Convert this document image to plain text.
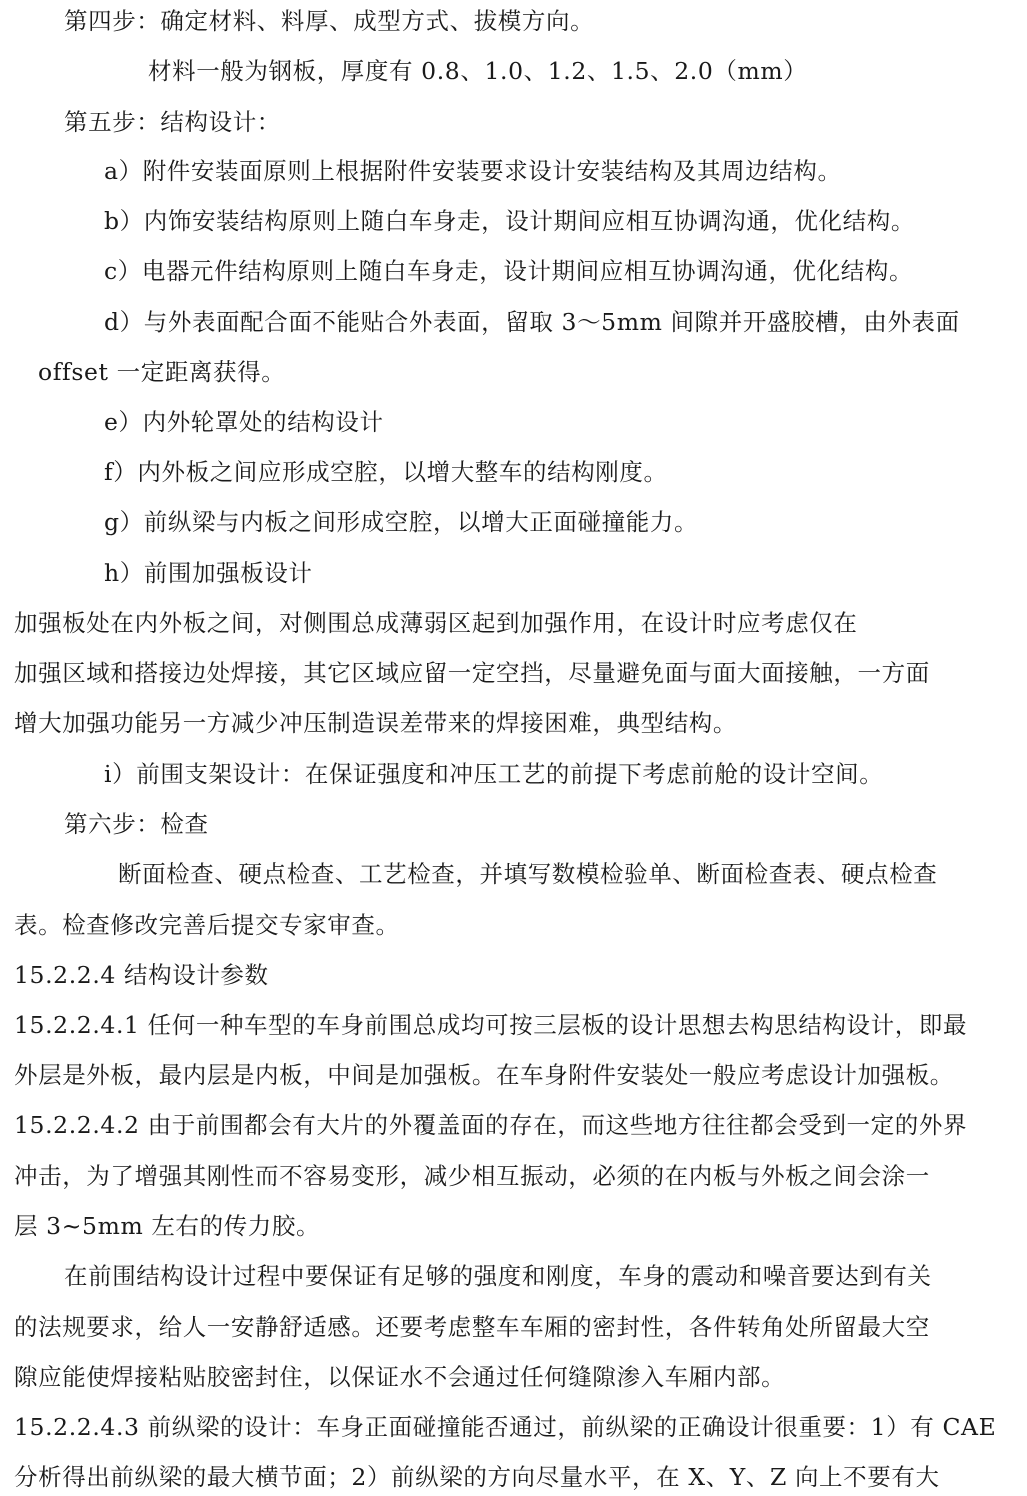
第四步：确定材料、料厚、成型方式、拔模方向。
材料一般为钢板，厚度有 0.8、1.0、1.2、1.5、2.0（mm）
第五步：结构设计：
a）附件安装面原则上根据附件安装要求设计安装结构及其周边结构。
b）内饰安装结构原则上随白车身走，设计期间应相互协调沟通，优化结构。
c）电器元件结构原则上随白车身走，设计期间应相互协调沟通，优化结构。
d）与外表面配合面不能贴合外表面，留取 3～5mm 间隙并开盛胶槽，由外表面
offset 一定距离获得。
e）内外轮罩处的结构设计
f）内外板之间应形成空腔，以增大整车的结构刚度。
g）前纵梁与内板之间形成空腔，以增大正面碰撞能力。
h）前围加强板设计
加强板处在内外板之间，对侧围总成薄弱区起到加强作用，在设计时应考虑仅在
加强区域和搭接边处焊接，其它区域应留一定空挡，尽量避免面与面大面接触，一方面
增大加强功能另一方减少冲压制造误差带来的焊接困难，典型结构。
i）前围支架设计：在保证强度和冲压工艺的前提下考虑前舱的设计空间。
第六步：检查
断面检查、硬点检查、工艺检查，并填写数模检验单、断面检查表、硬点检查
表。检查修改完善后提交专家审查。
15.2.2.4 结构设计参数
15.2.2.4.1 任何一种车型的车身前围总成均可按三层板的设计思想去构思结构设计，即最
外层是外板，最内层是内板，中间是加强板。在车身附件安装处一般应考虑设计加强板。
15.2.2.4.2 由于前围都会有大片的外覆盖面的存在，而这些地方往往都会受到一定的外界
冲击，为了增强其刚性而不容易变形，减少相互振动，必须的在内板与外板之间会涂一
层 3~5mm 左右的传力胶。
在前围结构设计过程中要保证有足够的强度和刚度，车身的震动和噪音要达到有关
的法规要求，给人一安静舒适感。还要考虑整车车厢的密封性，各件转角处所留最大空
隙应能使焊接粘贴胶密封住，以保证水不会通过任何缝隙渗入车厢内部。
15.2.2.4.3 前纵梁的设计：车身正面碰撞能否通过，前纵梁的正确设计很重要：1）有 CAE
分析得出前纵梁的最大横节面；2）前纵梁的方向尽量水平，在 X、Y、Z 向上不要有大
